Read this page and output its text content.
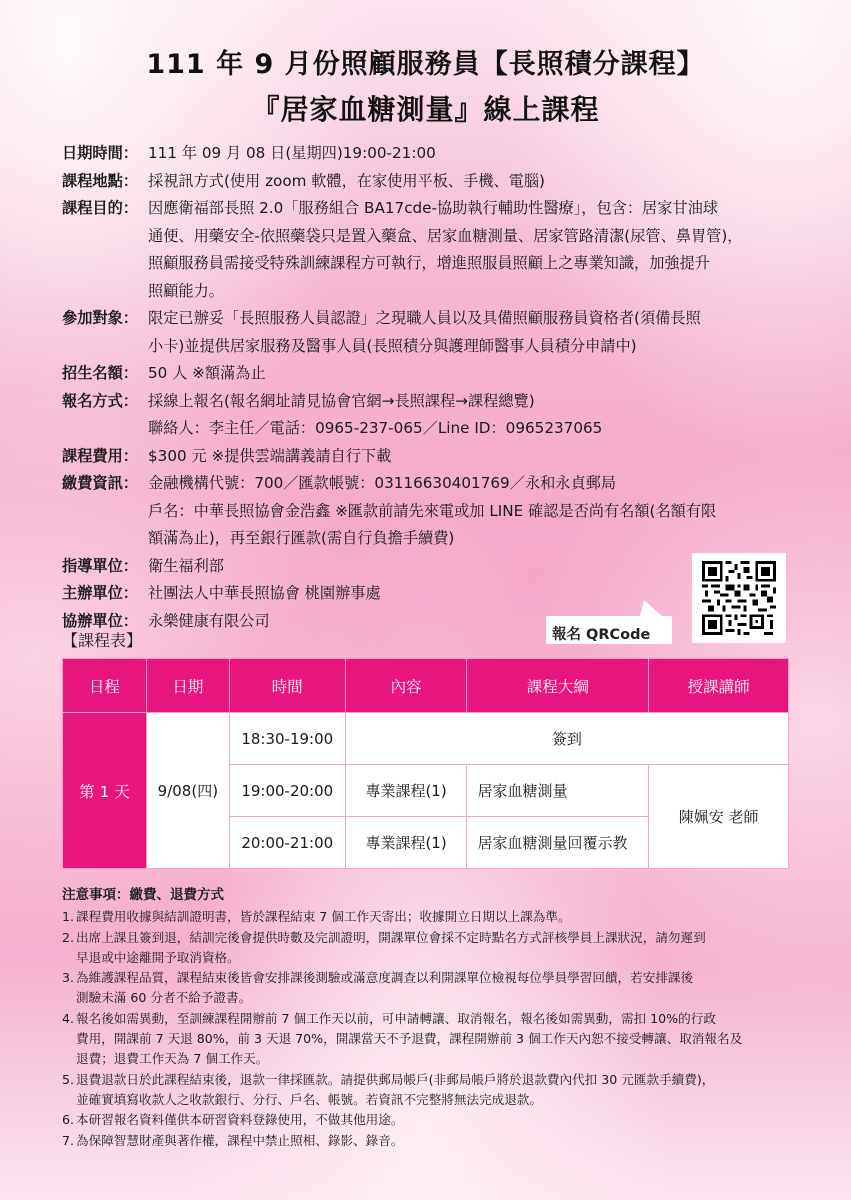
111 年 9 月份照顧服務員【長照積分課程】
『居家血糖測量』線上課程
日期時間： 111 年 09 月 08 日(星期四)19:00-21:00
課程地點： 採視訊方式(使用 zoom 軟體，在家使用平板、手機、電腦)
課程目的： 因應衛福部長照 2.0「服務組合 BA17cde-協助執行輔助性醫療」，包含：居家甘油球
通便、用藥安全-依照藥袋只是置入藥盒、居家血糖測量、居家管路清潔(尿管、鼻胃管)，
照顧服務員需接受特殊訓練課程方可執行，增進照服員照顧上之專業知識，加強提升
照顧能力。
參加對象： 限定已辦妥「長照服務人員認證」之現職人員以及具備照顧服務員資格者(須備長照
小卡)並提供居家服務及醫事人員(長照積分與護理師醫事人員積分申請中)
招生名額： 50 人 ※額滿為止
報名方式： 採線上報名(報名網址請見協會官網→長照課程→課程總覽)
聯絡人：李主任／電話：0965-237-065／Line ID：0965237065
課程費用： $300 元 ※提供雲端講義請自行下載
繳費資訊： 金融機構代號：700／匯款帳號：03116630401769／永和永貞郵局
戶名：中華長照協會金浩鑫 ※匯款前請先來電或加 LINE 確認是否尚有名額(名額有限
額滿為止)，再至銀行匯款(需自行負擔手續費)
指導單位： 衛生福利部
主辦單位： 社團法人中華長照協會 桃園辦事處
協辦單位： 永樂健康有限公司
報名 QRCode
【課程表】
日程	日期	時間	內容	課程大綱	授課講師
第 1 天	9/08(四)	18:30-19:00	簽到		
		19:00-20:00	專業課程(1)	居家血糖測量	陳姵安 老師
		20:00-21:00	專業課程(1)	居家血糖測量回覆示教	
注意事項：繳費、退費方式
1. 課程費用收據與結訓證明書，皆於課程結束 7 個工作天寄出；收據開立日期以上課為準。
2. 出席上課且簽到退，結訓完後會提供時數及完訓證明，開課單位會採不定時點名方式評核學員上課狀況，請勿遲到
早退或中途離開予取消資格。
3. 為維護課程品質，課程結束後皆會安排課後測驗或滿意度調查以利開課單位檢視每位學員學習回饋，若安排課後
測驗未滿 60 分者不給予證書。
4. 報名後如需異動，至訓練課程開辦前 7 個工作天以前，可申請轉讓、取消報名，報名後如需異動，需扣 10%的行政
費用，開課前 7 天退 80%，前 3 天退 70%，開課當天不予退費，課程開辦前 3 個工作天內恕不接受轉讓、取消報名及
退費；退費工作天為 7 個工作天。
5. 退費退款日於此課程結束後，退款一律採匯款。請提供郵局帳戶(非郵局帳戶將於退款費內代扣 30 元匯款手續費)，
並確實填寫收款人之收款銀行、分行、戶名、帳號。若資訊不完整將無法完成退款。
6. 本研習報名資料僅供本研習資料登錄使用，不做其他用途。
7. 為保障智慧財產與著作權，課程中禁止照相、錄影、錄音。
